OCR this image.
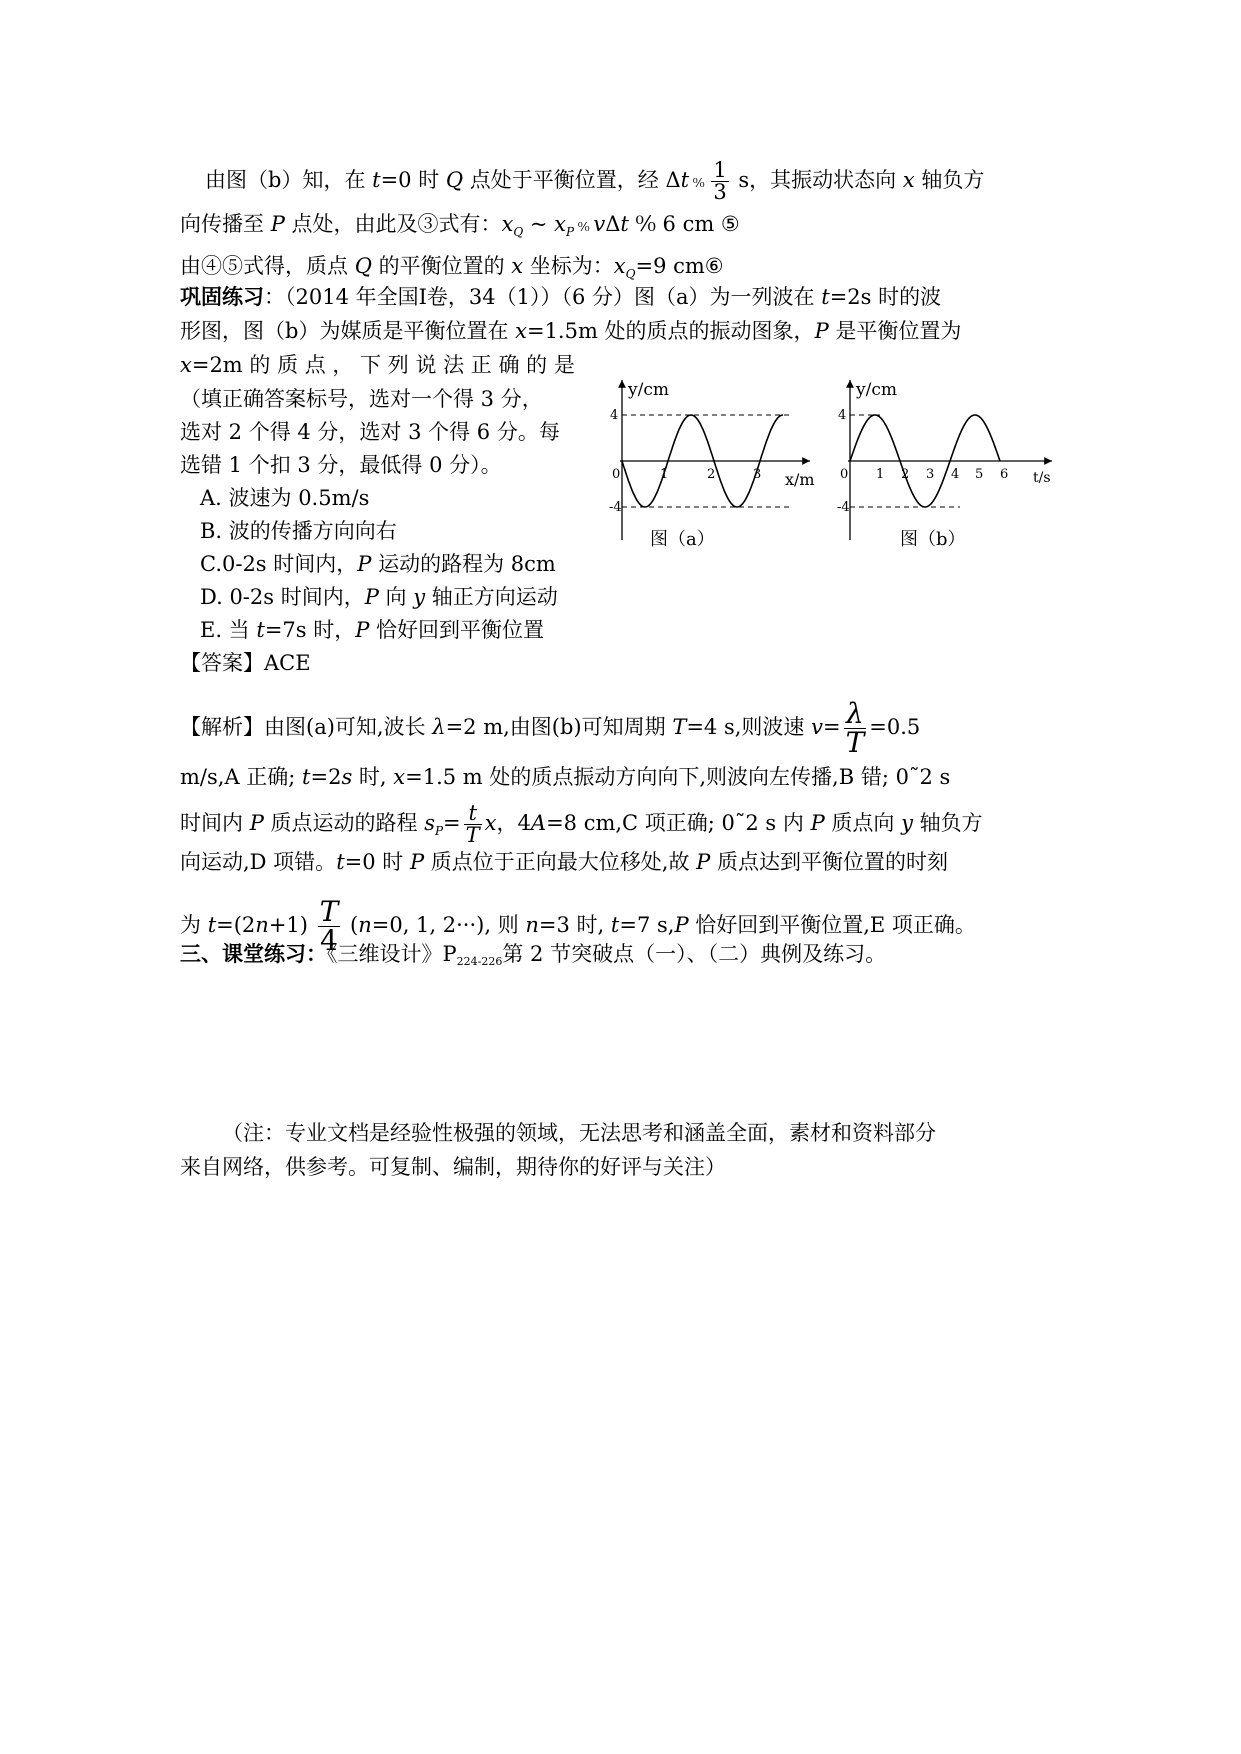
由图（b）知，在 t=0 时 Q 点处于平衡位置，经 Δt ⁰⁄₀ $\frac{1}{3}$ s，其振动状态向 x 轴负方
向传播至 P 点处，由此及③式有：$x_Q$ ~ $x_P$ ⁰⁄₀ vΔt ⁰⁄₀ 6 cm ⑤
由④⑤式得，质点 Q 的平衡位置的 x 坐标为：$x_Q=9$ cm⑥
巩固练习：（2014 年全国Ⅰ卷，34（1））（6 分）图（a）为一列波在 t=2s 时的波
形图，图（b）为媒质是平衡位置在 x=1.5m 处的质点的振动图象，P 是平衡位置为
x=2m 的 质 点 ， 下 列 说 法 正 确 的 是
（填正确答案标号，选对一个得 3 分，
选对 2 个得 4 分，选对 3 个得 6 分。每
选错 1 个扣 3 分，最低得 0 分）。
A. 波速为 0.5m/s
B. 波的传播方向向右
C.0-2s 时间内，P 运动的路程为 8cm
D. 0-2s 时间内，P 向 y 轴正方向运动
E. 当 t=7s 时，P 恰好回到平衡位置
【答案】ACE
y/cm
x/m
4
-4
0	1	2	3
图（a）
y/cm
t/s
4
-4
0 1 2 3 4 5 6
图（b）
【解析】由图(a)可知,波长 λ=2 m,由图(b)可知周期 T=4 s,则波速 $v= \frac{\lambda}{T} =0.5$
m/s,A 正确; t=2s 时, x=1.5 m 处的质点振动方向向下,则波向左传播,B 错; 0˜2 s
时间内 P 质点运动的路程 $s_P= \frac{t}{T}$ x，4A=8 cm,C 项正确; 0˜2 s 内 P 质点向 y 轴负方
向运动,D 项错。t=0 时 P 质点位于正向最大位移处,故 P 质点达到平衡位置的时刻
为 $t=(2n+1) \frac{T}{4} (n=0$, 1, 2···), 则 n=3 时, t=7 s,P 恰好回到平衡位置,E 项正确。
三、课堂练习：《三维设计》P224-226第 2 节突破点（一）、（二）典例及练习。
（注：专业文档是经验性极强的领域，无法思考和涵盖全面，素材和资料部分
来自网络，供参考。可复制、编制，期待你的好评与关注）
